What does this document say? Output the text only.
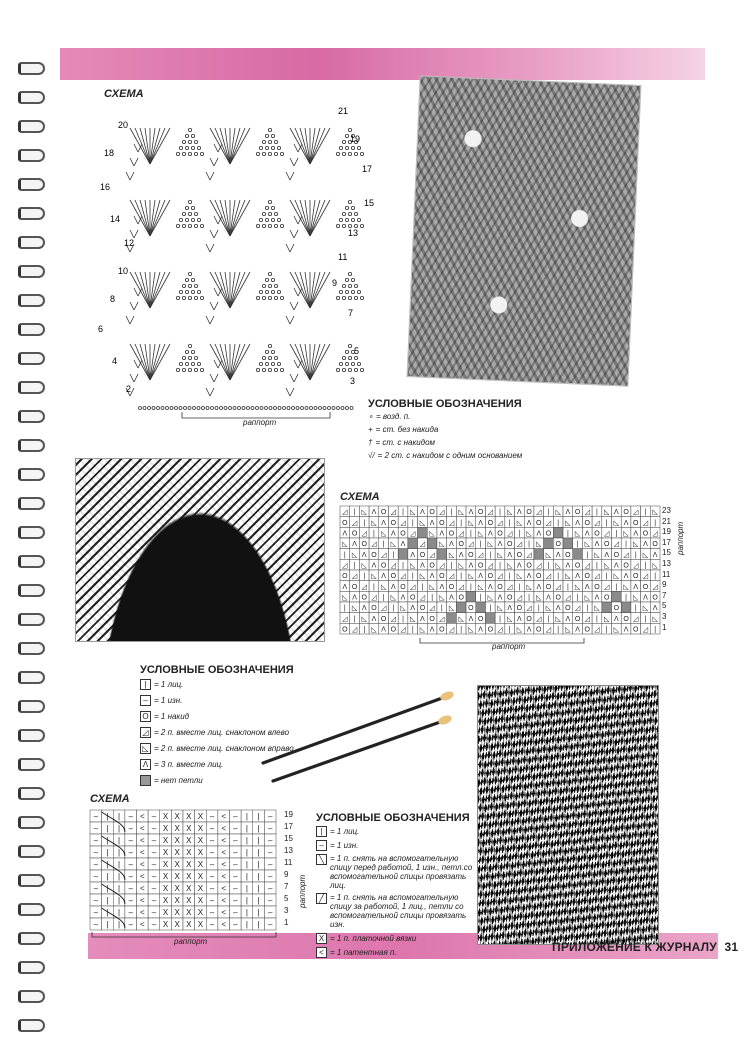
СХЕМА
20
18
16
14
12
10
8
6
4
2
21
19
17
15
13
11
9
7
5
3
раппорт
УСЛОВНЫЕ ОБОЗНАЧЕНИЯ
∘ = возд. п.
+ = ст. без накида
† = ст. с накидом
√/ = 2 ст. с накидом с одним основанием
СХЕМА
◿ | ◺ Λ O ◿ | ◺ Λ O ◿ | ◺ Λ O ◿ | ◺ Λ O ◿ | ◺ Λ O ◿ | ◺ Λ O ◿ | ◺
O ◿ | ◺ Λ O ◿ | ◺ Λ O ◿ | ◺ Λ O ◿ | ◺ Λ O ◿ | ◺ Λ O ◿ | ◺ Λ O ◿ |
Λ O ◿ | ◺ Λ O ◿ ◺ Λ O ◿ | ◺ Λ O ◿ | ◺ Λ O | ◺ Λ O ◿ | ◺ Λ O ◿
◺ Λ O ◿ | ◺ Λ ◿ ◺ Λ O ◿ | ◺ Λ O ◿ | ◺ O | ◺ Λ O ◿ | ◺ Λ O
| ◺ Λ O ◿ | Λ O ◿ ◺ Λ O ◿ | ◺ Λ O ◿ ◺ Λ O | ◺ Λ O ◿ | ◺ Λ
◿ | ◺ Λ O ◿ | ◺ Λ O ◿ | ◺ Λ O ◿ | ◺ Λ O ◿ | ◺ Λ O ◿ | ◺ Λ O ◿ | ◺
O ◿ | ◺ Λ O ◿ | ◺ Λ O ◿ | ◺ Λ O ◿ | ◺ Λ O ◿ | ◺ Λ O ◿ | ◺ Λ O ◿ |
Λ O ◿ | ◺ Λ O ◿ | ◺ Λ O ◿ | ◺ Λ O ◿ | ◺ Λ O ◿ | ◺ Λ O ◿ | ◺ Λ O ◿
◺ Λ O ◿ | ◺ Λ O ◿ | ◺ Λ O | ◺ Λ O ◿ | ◺ Λ O ◿ | ◺ Λ O | ◺ Λ O
| ◺ Λ O ◿ | ◺ Λ O ◿ | ◺ O | ◺ Λ O ◿ | ◺ Λ O ◿ | ◺ O | ◺ Λ
◿ | ◺ Λ O ◿ | ◺ Λ O ◿ ◺ Λ O | ◺ Λ O ◿ | ◺ Λ O ◿ | ◺ Λ O ◿ | ◺
O ◿ | ◺ Λ O ◿ | ◺ Λ O ◿ | ◺ Λ O ◿ | ◺ Λ O ◿ | ◺ Λ O ◿ | ◺ Λ O ◿ |
23
21
19
17
15
13
11
9
7
5
3
1
раппорт
раппорт
УСЛОВНЫЕ ОБОЗНАЧЕНИЯ
| = 1 лиц.
– = 1 изн.
O = 1 накид
◿ = 2 п. вместе лиц. снаклоном влево
◺ = 2 п. вместе лиц. снаклоном вправо
Λ = 3 п. вместе лиц.
= нет петли
СХЕМА
– | | – < – X X X X – < – | | –
– | | – < – X X X X – < – | | –
– | | – < – X X X X – < – | | –
– | | – < – X X X X – < – | | –
– | | – < – X X X X – < – | | –
– | | – < – X X X X – < – | | –
– | | – < – X X X X – < – | | –
– | | – < – X X X X – < – | | –
– | | – < – X X X X – < – | | –
– | | – < – X X X X – < – | | –
19
17
15
13
11
9
7
5
3
1
раппорт
раппорт
УСЛОВНЫЕ ОБОЗНАЧЕНИЯ
| = 1 лиц.
– = 1 изн.
╲ = 1 п. снять на вспомогательную спицу перед работой, 1 изн., петл.со вспомогательной спицы провязать лиц.
╱ = 1 п. снять на вспомогательную спицу за работой, 1 лиц., петли со вспомогательной спицы провязать изн.
X = 1 п. платочной вязки
< = 1 патентная п.	ПРИЛОЖЕНИЕ К ЖУРНАЛУ 31
